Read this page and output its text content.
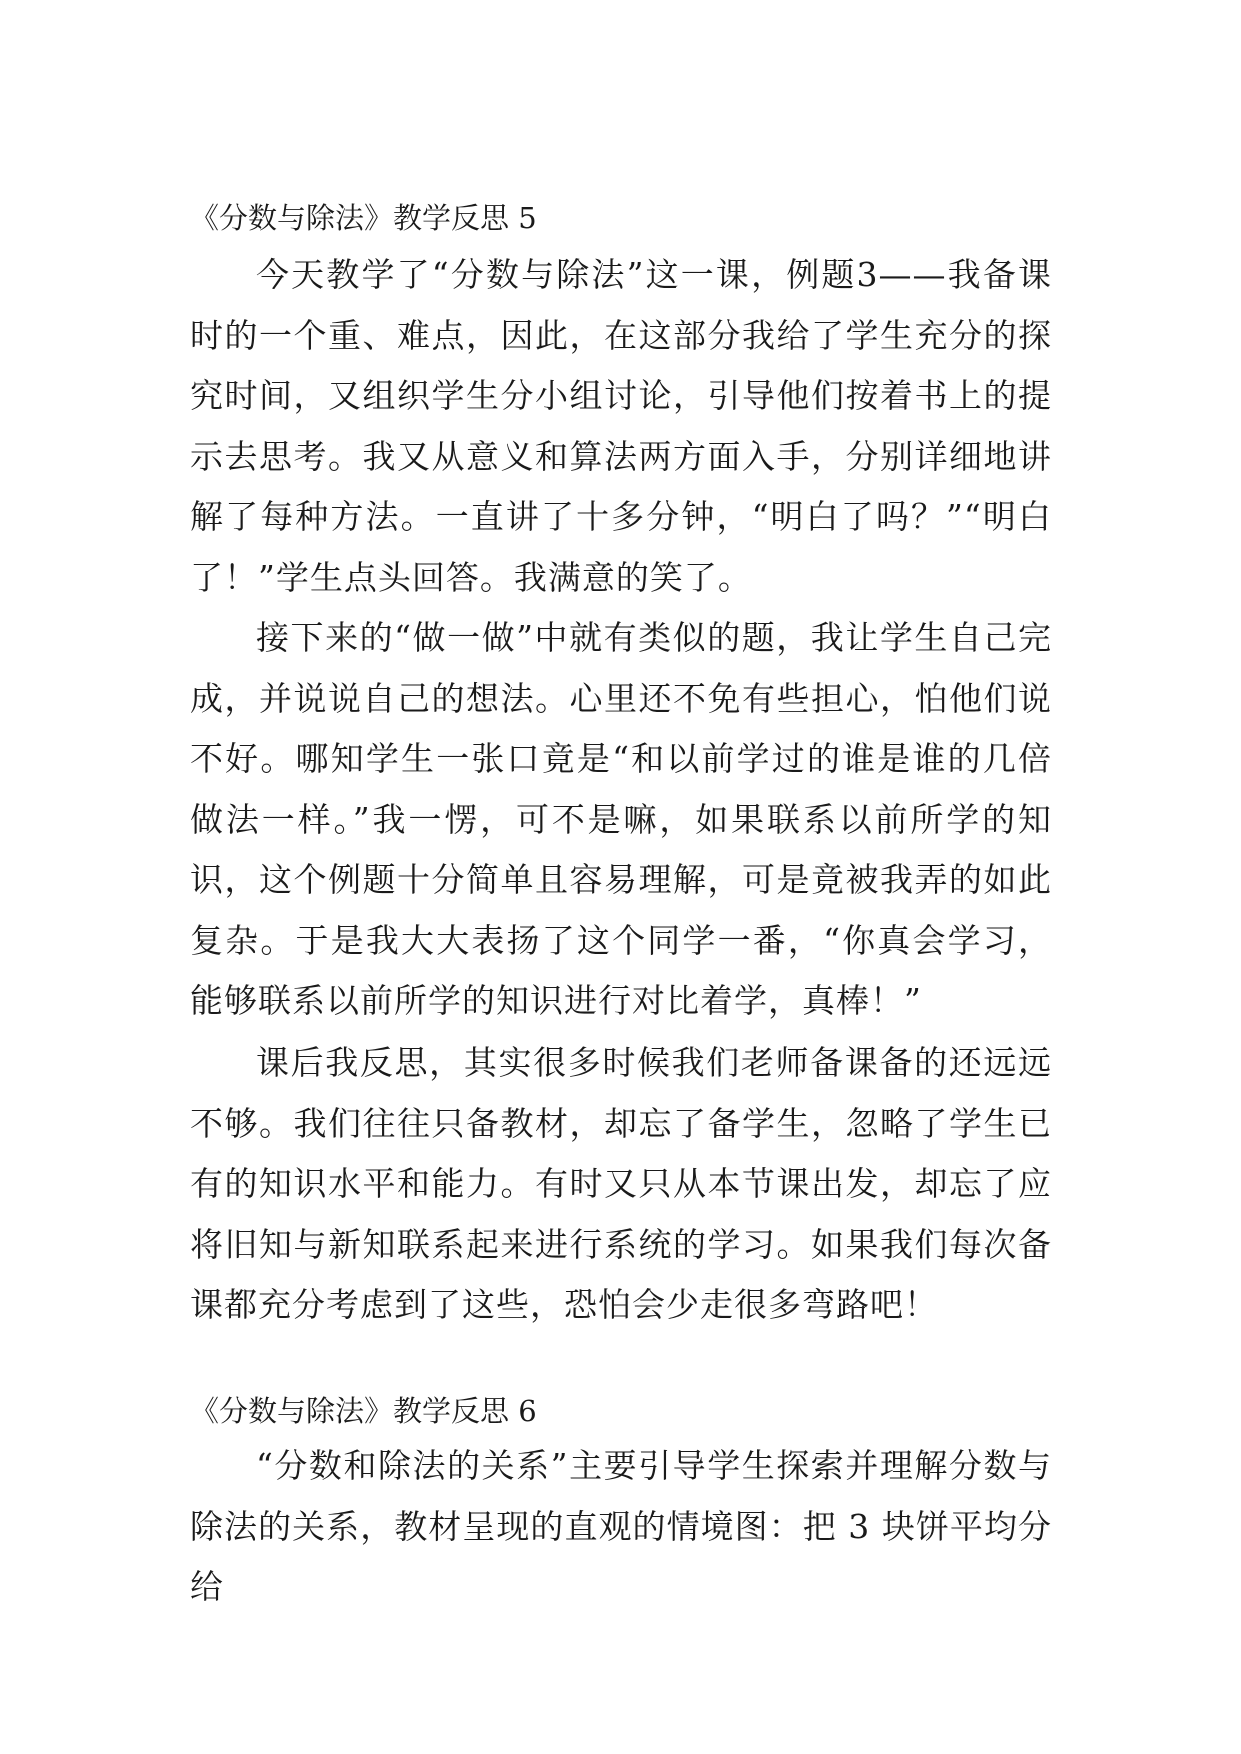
《分数与除法》教学反思 5

今天教学了“分数与除法”这一课，例题3——我备课时的一个重、难点，因此，在这部分我给了学生充分的探究时间，又组织学生分小组讨论，引导他们按着书上的提示去思考。我又从意义和算法两方面入手，分别详细地讲解了每种方法。一直讲了十多分钟，“明白了吗？”“明白了！”学生点头回答。我满意的笑了。

接下来的“做一做”中就有类似的题，我让学生自己完成，并说说自己的想法。心里还不免有些担心，怕他们说不好。哪知学生一张口竟是“和以前学过的谁是谁的几倍做法一样。”我一愣，可不是嘛，如果联系以前所学的知识，这个例题十分简单且容易理解，可是竟被我弄的如此复杂。于是我大大表扬了这个同学一番，“你真会学习，能够联系以前所学的知识进行对比着学，真棒！”

课后我反思，其实很多时候我们老师备课备的还远远不够。我们往往只备教材，却忘了备学生，忽略了学生已有的知识水平和能力。有时又只从本节课出发，却忘了应将旧知与新知联系起来进行系统的学习。如果我们每次备课都充分考虑到了这些，恐怕会少走很多弯路吧！

《分数与除法》教学反思 6

“分数和除法的关系”主要引导学生探索并理解分数与除法的关系，教材呈现的直观的情境图：把 3 块饼平均分给
